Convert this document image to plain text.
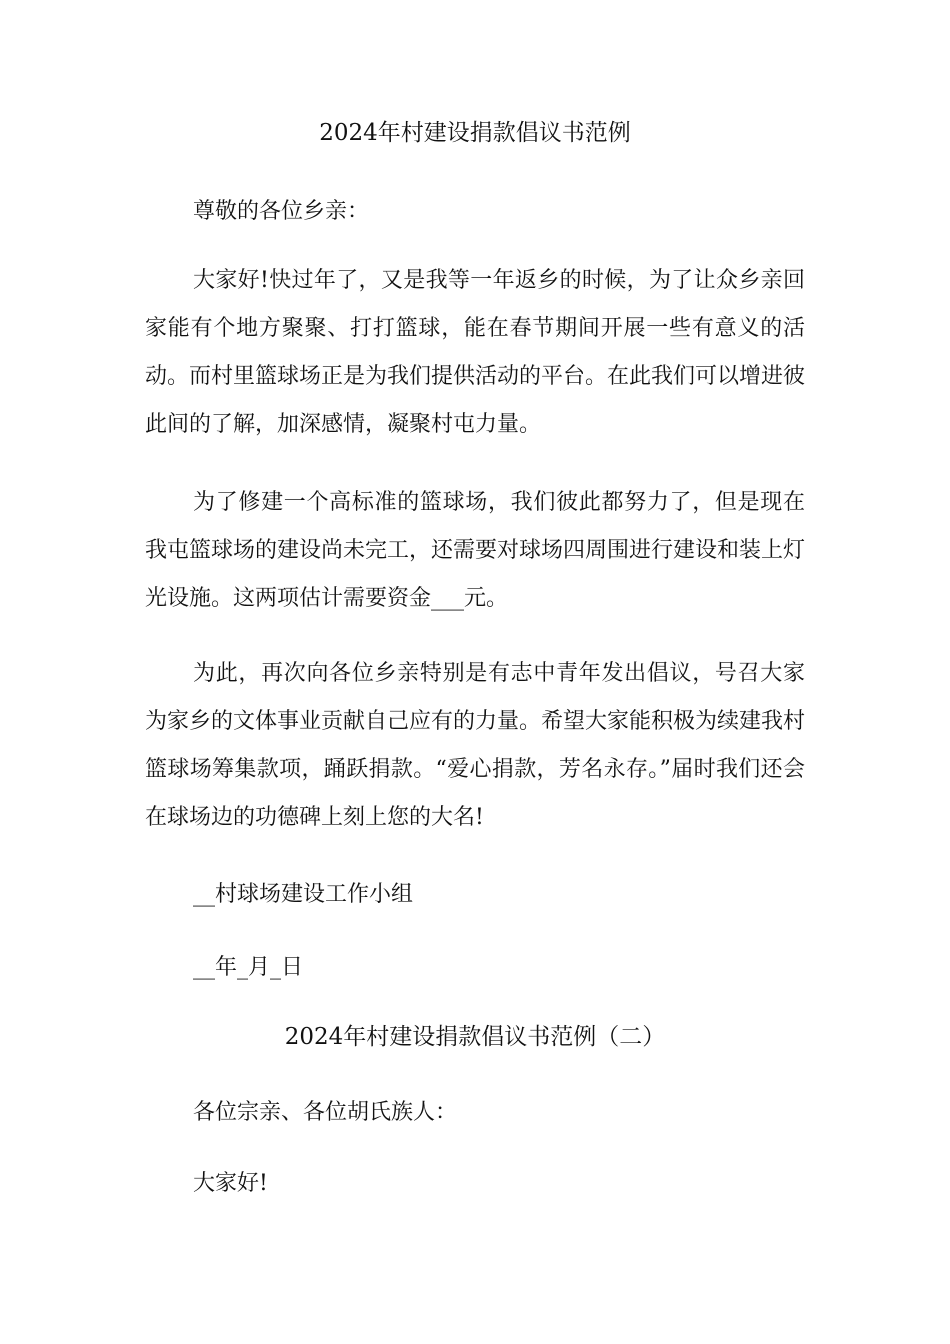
2024年村建设捐款倡议书范例
尊敬的各位乡亲：
大家好!快过年了，又是我等一年返乡的时候，为了让众乡亲回家能有个地方聚聚、打打篮球，能在春节期间开展一些有意义的活动。而村里篮球场正是为我们提供活动的平台。在此我们可以增进彼此间的了解，加深感情，凝聚村屯力量。
为了修建一个高标准的篮球场，我们彼此都努力了，但是现在我屯篮球场的建设尚未完工，还需要对球场四周围进行建设和装上灯光设施。这两项估计需要资金___元。
为此，再次向各位乡亲特别是有志中青年发出倡议，号召大家为家乡的文体事业贡献自己应有的力量。希望大家能积极为续建我村篮球场筹集款项，踊跃捐款。“爱心捐款，芳名永存。”届时我们还会在球场边的功德碑上刻上您的大名!
__村球场建设工作小组
__年_月_日
2024年村建设捐款倡议书范例（二）
各位宗亲、各位胡氏族人：
大家好!
